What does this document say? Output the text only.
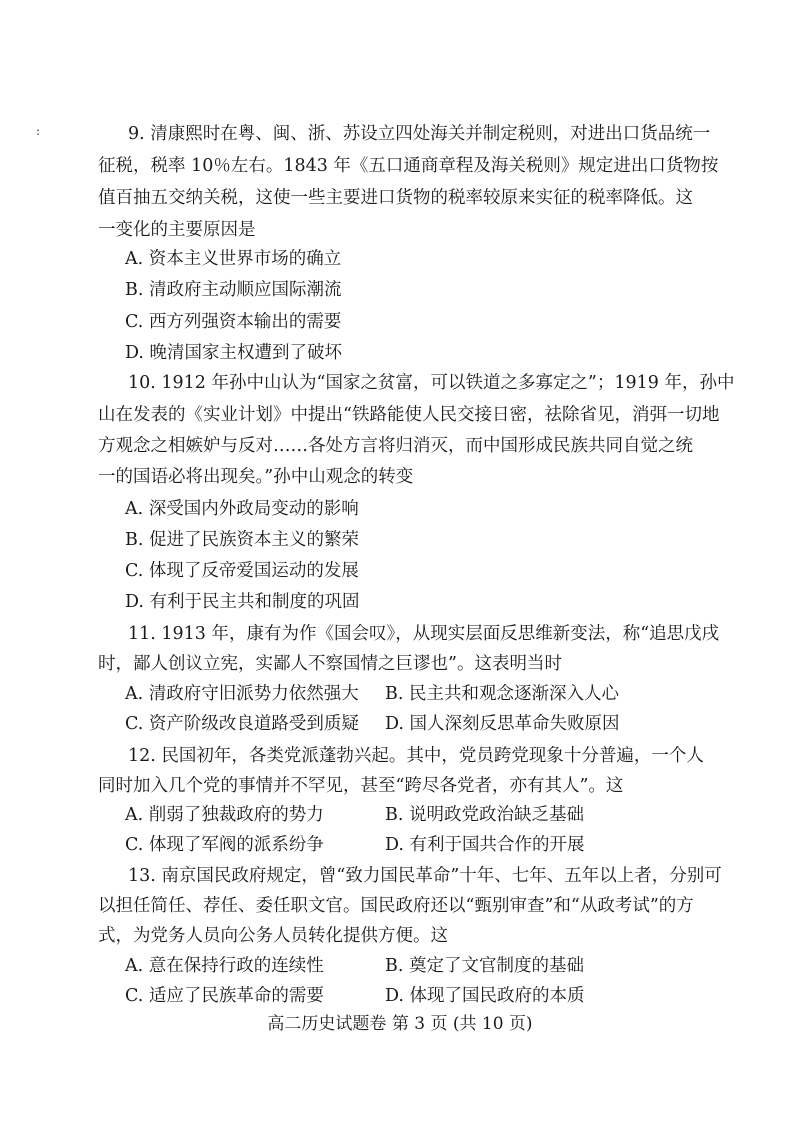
:	9. 清康熙时在粤、闽、浙、苏设立四处海关并制定税则，对进出口货品统一
征税，税率 10％左右。1843 年《五口通商章程及海关税则》规定进出口货物按
值百抽五交纳关税，这使一些主要进口货物的税率较原来实征的税率降低。这
一变化的主要原因是
A. 资本主义世界市场的确立
B. 清政府主动顺应国际潮流
C. 西方列强资本输出的需要
D. 晚清国家主权遭到了破坏
10. 1912 年孙中山认为“国家之贫富，可以铁道之多寡定之”；1919 年，孙中
山在发表的《实业计划》中提出“铁路能使人民交接日密，祛除省见，消弭一切地
方观念之相嫉妒与反对……各处方言将归消灭，而中国形成民族共同自觉之统
一的国语必将出现矣。”孙中山观念的转变
A. 深受国内外政局变动的影响
B. 促进了民族资本主义的繁荣
C. 体现了反帝爱国运动的发展
D. 有利于民主共和制度的巩固
11. 1913 年，康有为作《国会叹》，从现实层面反思维新变法，称“追思戊戌
时，鄙人创议立宪，实鄙人不察国情之巨谬也”。这表明当时
A. 清政府守旧派势力依然强大 B. 民主共和观念逐渐深入人心
C. 资产阶级改良道路受到质疑 D. 国人深刻反思革命失败原因
12. 民国初年，各类党派蓬勃兴起。其中，党员跨党现象十分普遍，一个人
同时加入几个党的事情并不罕见，甚至“跨尽各党者，亦有其人”。这
A. 削弱了独裁政府的势力	B. 说明政党政治缺乏基础
C. 体现了军阀的派系纷争	D. 有利于国共合作的开展
13. 南京国民政府规定，曾“致力国民革命”十年、七年、五年以上者，分别可
以担任简任、荐任、委任职文官。国民政府还以“甄别审查”和“从政考试”的方
式，为党务人员向公务人员转化提供方便。这
A. 意在保持行政的连续性	B. 奠定了文官制度的基础
C. 适应了民族革命的需要	D. 体现了国民政府的本质
高二历史试题卷 第 3 页 (共 10 页)
